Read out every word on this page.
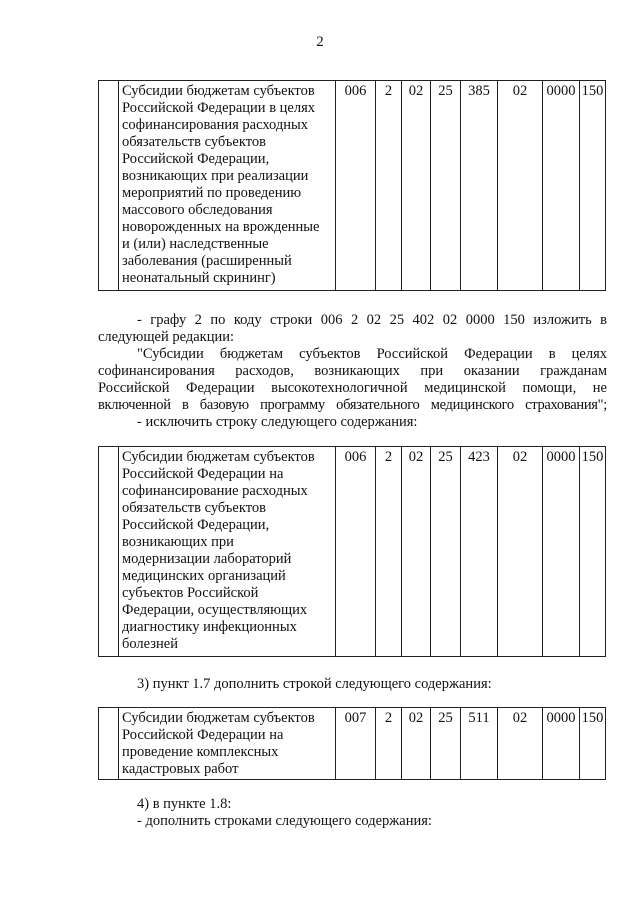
2

Субсидии бюджетам субъектов
Российской Федерации в целях
софинансирования расходных
обязательств субъектов
Российской Федерации,
возникающих при реализации
мероприятий по проведению
массового обследования
новорожденных на врожденные
и (или) наследственные
заболевания (расширенный
неонатальный скрининг)
	006	2	02	25	385	02	0000	150
- графу 2 по коду строки 006 2 02 25 402 02 0000 150 изложить в
следующей редакции:
"Субсидии бюджетам субъектов Российской Федерации в целях
софинансирования расходов, возникающих при оказании гражданам
Российской Федерации высокотехнологичной медицинской помощи, не
включенной в базовую программу обязательного медицинского страхования";
- исключить строку следующего содержания:

Субсидии бюджетам субъектов
Российской Федерации на
софинансирование расходных
обязательств субъектов
Российской Федерации,
возникающих при
модернизации лабораторий
медицинских организаций
субъектов Российской
Федерации, осуществляющих
диагностику инфекционных
болезней
	006	2	02	25	423	02	0000	150
3) пункт 1.7 дополнить строкой следующего содержания:

Субсидии бюджетам субъектов
Российской Федерации на
проведение комплексных
кадастровых работ
	007	2	02	25	511	02	0000	150
4) в пункте 1.8:
- дополнить строками следующего содержания:
